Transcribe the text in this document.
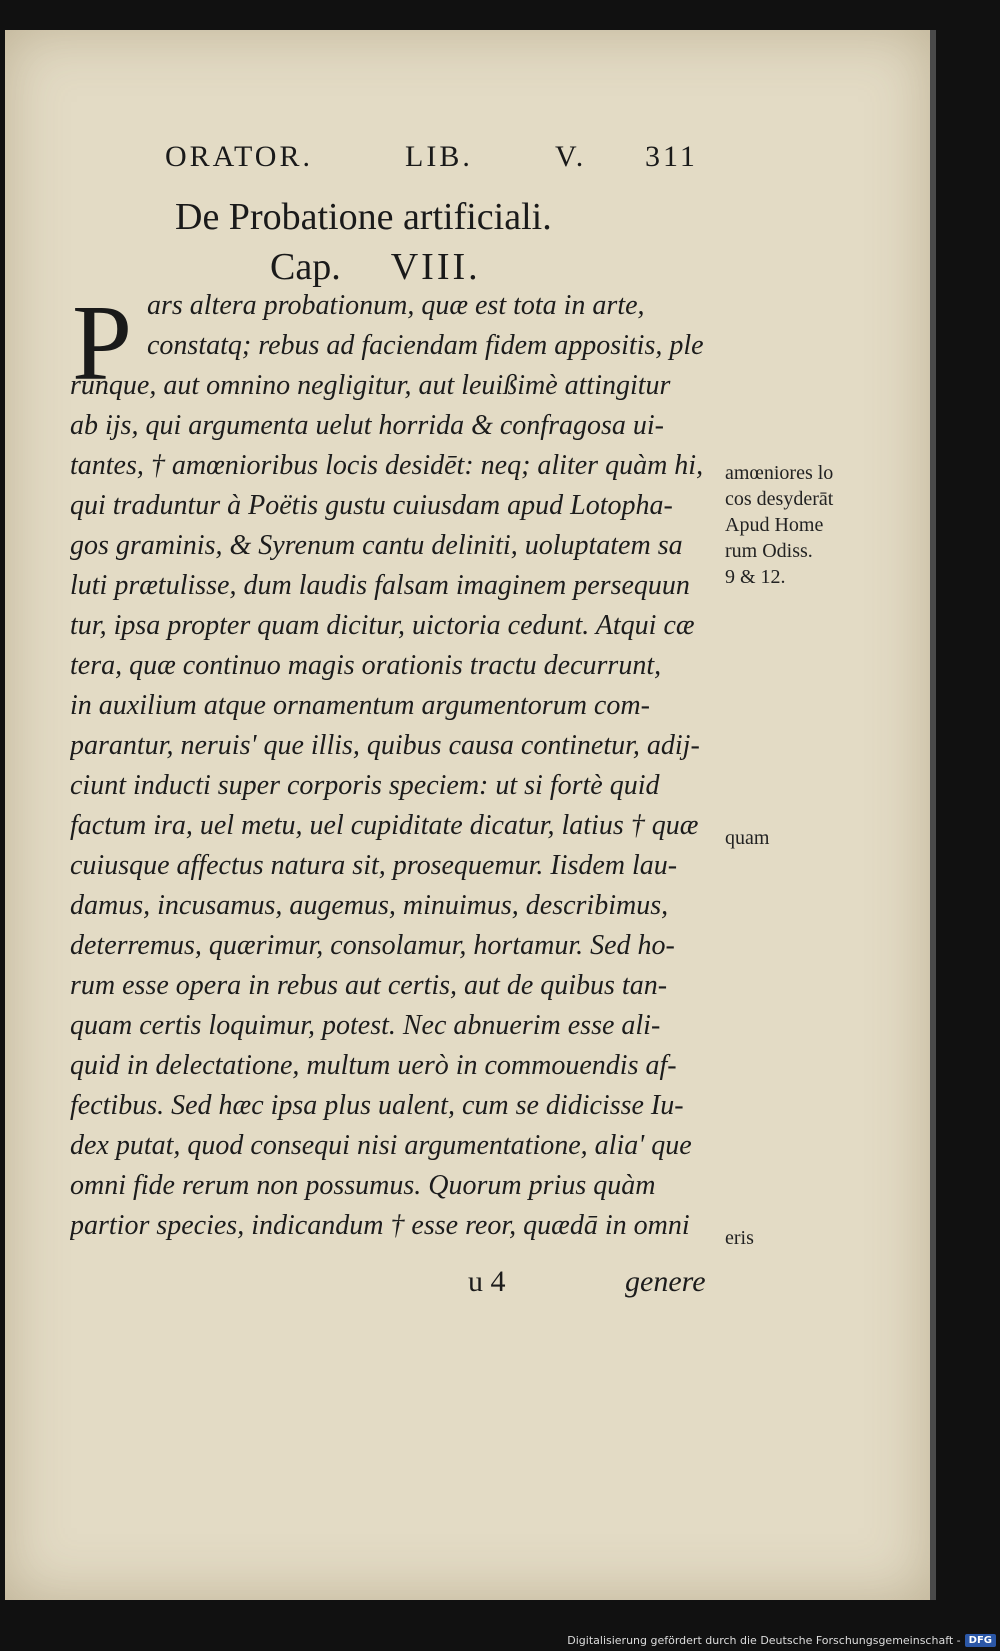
ORATOR.	LIB.	V. 311
De Probatione artificiali.
Cap. VIII.
P ars altera probationum, quæ est tota in arte,
constatq; rebus ad faciendam fidem appositis, ple
runque, aut omnino negligitur, aut leuißimè attingitur
ab ijs, qui argumenta uelut horrida & confragosa ui-
tantes, † amœnioribus locis desidēt: neq; aliter quàm hi,
qui traduntur à Poëtis gustu cuiusdam apud Lotopha-
gos graminis, & Syrenum cantu deliniti, uoluptatem sa
luti prætulisse, dum laudis falsam imaginem persequun
tur, ipsa propter quam dicitur, uictoria cedunt. Atqui cæ
tera, quæ continuo magis orationis tractu decurrunt,
in auxilium atque ornamentum argumentorum com-
parantur, neruis' que illis, quibus causa continetur, adij-
ciunt inducti super corporis speciem: ut si fortè quid
factum ira, uel metu, uel cupiditate dicatur, latius † quæ
cuiusque affectus natura sit, prosequemur. Iisdem lau-
damus, incusamus, augemus, minuimus, describimus,
deterremus, quærimur, consolamur, hortamur. Sed ho-
rum esse opera in rebus aut certis, aut de quibus tan-
quam certis loquimur, potest. Nec abnuerim esse ali-
quid in delectatione, multum uerò in commouendis af-
fectibus. Sed hæc ipsa plus ualent, cum se didicisse Iu-
dex putat, quod consequi nisi argumentatione, alia' que
omni fide rerum non possumus. Quorum prius quàm
partior species, indicandum † esse reor, quædā in omni
amœniores lo
cos desyderāt
Apud Home
rum Odiss.
9 & 12.
quam
eris
u 4	genere
Digitalisierung gefördert durch die Deutsche Forschungsgemeinschaft - DFG
